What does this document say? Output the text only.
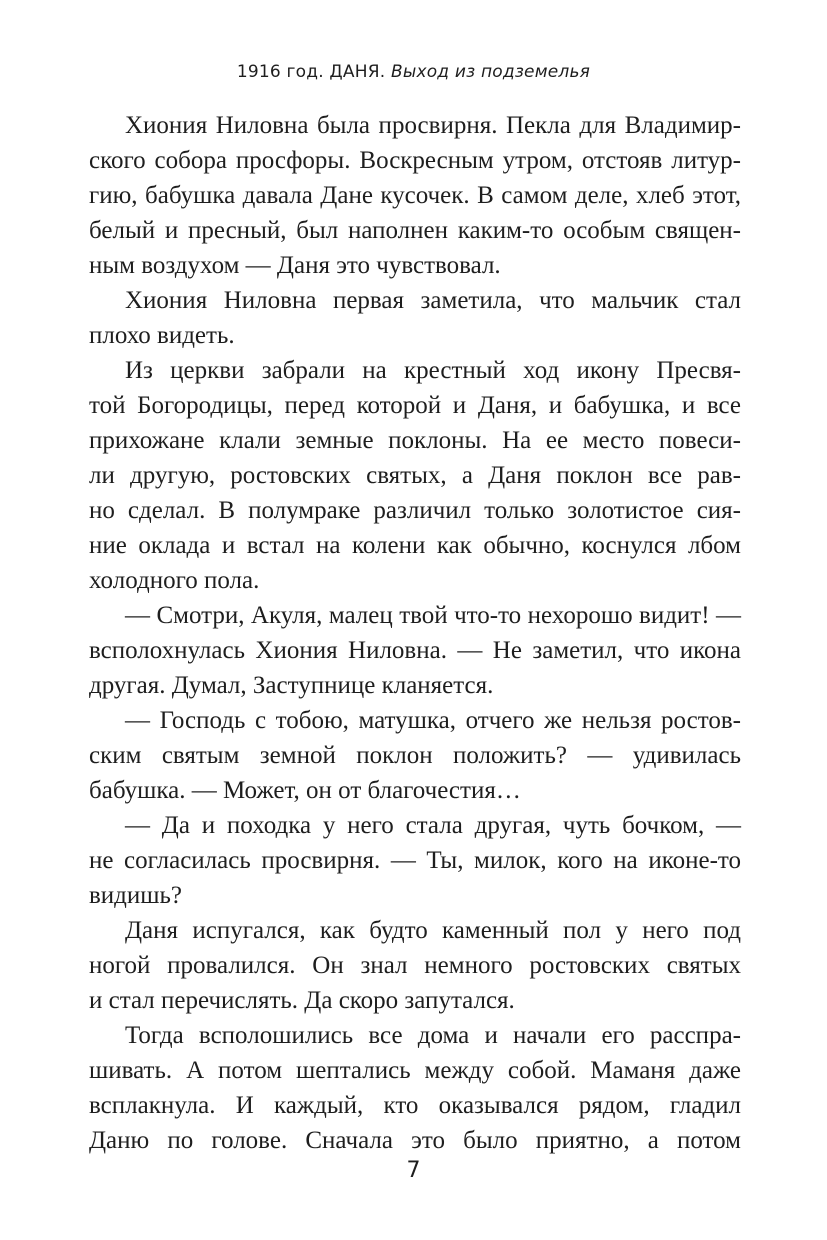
1916 год. ДАНЯ. Выход из подземелья
Хиония Ниловна была просвирня. Пекла для Владимир-
ского собора просфоры. Воскресным утром, отстояв литур-
гию, бабушка давала Дане кусочек. В самом деле, хлеб этот,
белый и пресный, был наполнен каким-то особым священ-
ным воздухом — Даня это чувствовал.
Хиония Ниловна первая заметила, что мальчик стал
плохо видеть.
Из церкви забрали на крестный ход икону Пресвя-
той Богородицы, перед которой и Даня, и бабушка, и все
прихожане клали земные поклоны. На ее место повеси-
ли другую, ростовских святых, а Даня поклон все рав-
но сделал. В полумраке различил только золотистое сия-
ние оклада и встал на колени как обычно, коснулся лбом
холодного пола.
— Смотри, Акуля, малец твой что-то нехорошо видит! —
всполохнулась Хиония Ниловна. — Не заметил, что икона
другая. Думал, Заступнице кланяется.
— Господь с тобою, матушка, отчего же нельзя ростов-
ским святым земной поклон положить? — удивилась
бабушка. — Может, он от благочестия…
— Да и походка у него стала другая, чуть бочком, —
не согласилась просвирня. — Ты, милок, кого на иконе-то
видишь?
Даня испугался, как будто каменный пол у него под
ногой провалился. Он знал немного ростовских святых
и стал перечислять. Да скоро запутался.
Тогда всполошились все дома и начали его расспра-
шивать. А потом шептались между собой. Маманя даже
всплакнула. И каждый, кто оказывался рядом, гладил
Даню по голове. Сначала это было приятно, а потом
7
